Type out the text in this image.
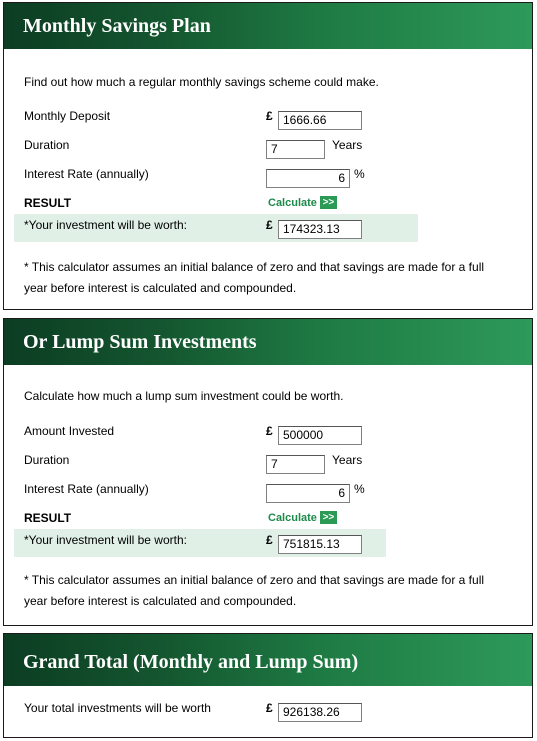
Monthly Savings Plan
Find out how much a regular monthly savings scheme could make.
Monthly Deposit	£ 1666.66
Duration	7	Years
Interest Rate (annually)	6 %
RESULT	Calculate >>
*Your investment will be worth:	£ 174323.13
* This calculator assumes an initial balance of zero and that savings are made for a full year before interest is calculated and compounded.
Or Lump Sum Investments
Calculate how much a lump sum investment could be worth.
Amount Invested	£ 500000
Duration	7	Years
Interest Rate (annually)	6 %
RESULT	Calculate >>
*Your investment will be worth:	£ 751815.13
* This calculator assumes an initial balance of zero and that savings are made for a full year before interest is calculated and compounded.
Grand Total (Monthly and Lump Sum)
Your total investments will be worth	£ 926138.26
